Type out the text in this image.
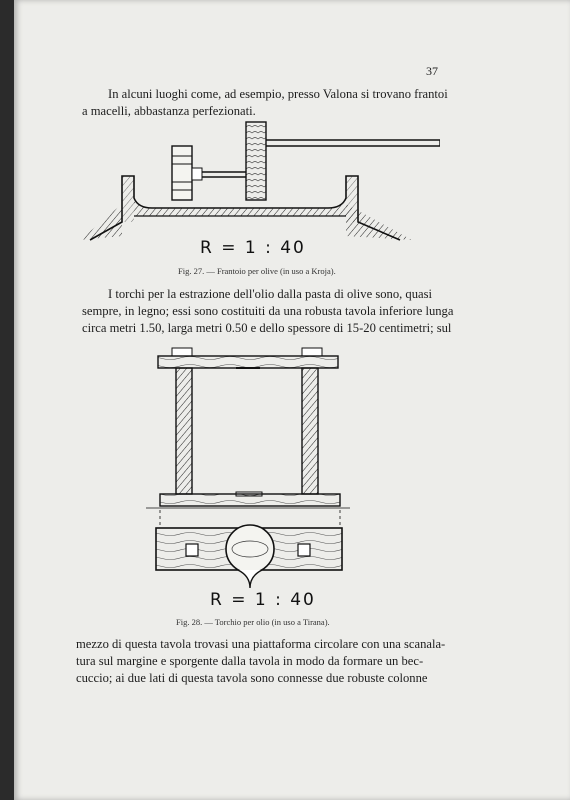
37
In alcuni luoghi come, ad esempio, presso Valona si trovano frantoi
a macelli, abbastanza perfezionati.
R = 1 : 40
Fig. 27. — Frantoio per olive (in uso a Kroja).
I torchi per la estrazione dell'olio dalla pasta di olive sono, quasi
sempre, in legno; essi sono costituiti da una robusta tavola inferiore lunga
circa metri 1.50, larga metri 0.50 e dello spessore di 15-20 centimetri; sul
R = 1 : 40
Fig. 28. — Torchio per olio (in uso a Tirana).
mezzo di questa tavola trovasi una piattaforma circolare con una scanala-
tura sul margine e sporgente dalla tavola in modo da formare un bec-
cuccio; ai due lati di questa tavola sono connesse due robuste colonne
